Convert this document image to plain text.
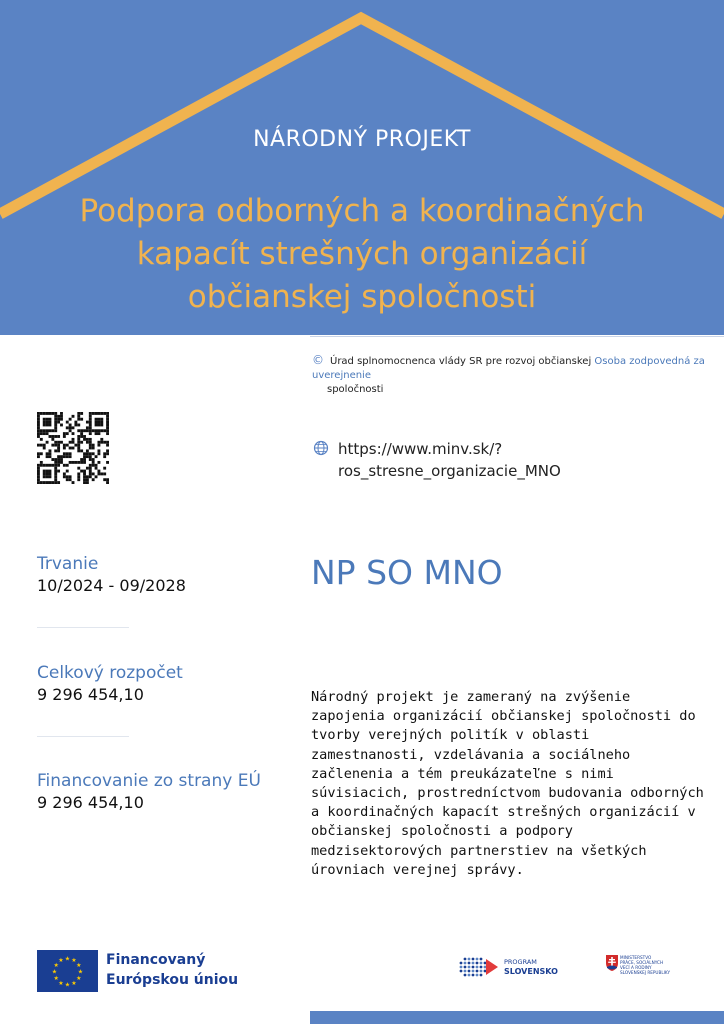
NÁRODNÝ PROJEKT
Podpora odborných a koordinačných
kapacít strešných organizácií
občianskej spoločnosti
© Úrad splnomocnenca vlády SR pre rozvoj občianskej Osoba zodpovedná za uverejnenie
spoločnosti
https://www.minv.sk/?
ros_stresne_organizacie_MNO
Trvanie
10/2024 - 09/2028
Celkový rozpočet
9 296 454,10
Financovanie zo strany EÚ
9 296 454,10
NP SO MNO
Národný projekt je zameraný na zvýšenie zapojenia organizácií občianskej spoločnosti do tvorby verejných politík v oblasti zamestnanosti, vzdelávania a sociálneho začlenenia a tém preukázateľne s nimi súvisiacich, prostredníctvom budovania odborných a koordinačných kapacít strešných organizácií v občianskej spoločnosti a podpory medzisektorových partnerstiev na všetkých úrovniach verejnej správy.
★
★
★
★
★
★
★
★
★ ★ ★
★ Financovaný
Európskou úniou
PROGRAM
SLOVENSKO
MINISTERSTVO
PRÁCE, SOCIÁLNYCH
VECÍ A RODINY
SLOVENSKEJ REPUBLIKY
